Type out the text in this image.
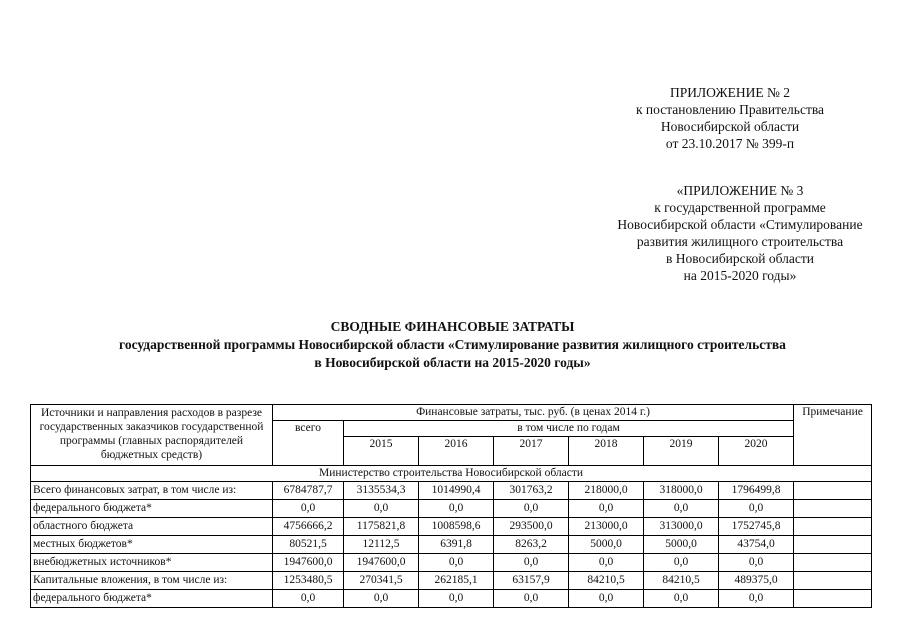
ПРИЛОЖЕНИЕ № 2
к постановлению Правительства
Новосибирской области
от 23.10.2017 № 399-п
«ПРИЛОЖЕНИЕ № 3
к государственной программе
Новосибирской области «Стимулирование
развития жилищного строительства
в Новосибирской области
на 2015-2020 годы»
СВОДНЫЕ ФИНАНСОВЫЕ ЗАТРАТЫ
государственной программы Новосибирской области «Стимулирование развития жилищного строительства
в Новосибирской области на 2015-2020 годы»
Источники и направления расходов в разрезе государственных заказчиков государственной программы (главных распорядителей бюджетных средств)	Финансовые затраты, тыс. руб. (в ценах 2014 г.)							Примечание
	всего	в том числе по годам						
		2015	2016	2017	2018	2019	2020	
Министерство строительства Новосибирской области								
Всего финансовых затрат, в том числе из:	6784787,7	3135534,3	1014990,4	301763,2	218000,0	318000,0	1796499,8	
федерального бюджета*	0,0	0,0	0,0	0,0	0,0	0,0	0,0	
областного бюджета	4756666,2	1175821,8	1008598,6	293500,0	213000,0	313000,0	1752745,8	
местных бюджетов*	80521,5	12112,5	6391,8	8263,2	5000,0	5000,0	43754,0	
внебюджетных источников*	1947600,0	1947600,0	0,0	0,0	0,0	0,0	0,0	
Капитальные вложения, в том числе из:	1253480,5	270341,5	262185,1	63157,9	84210,5	84210,5	489375,0	
федерального бюджета*	0,0	0,0	0,0	0,0	0,0	0,0	0,0	
